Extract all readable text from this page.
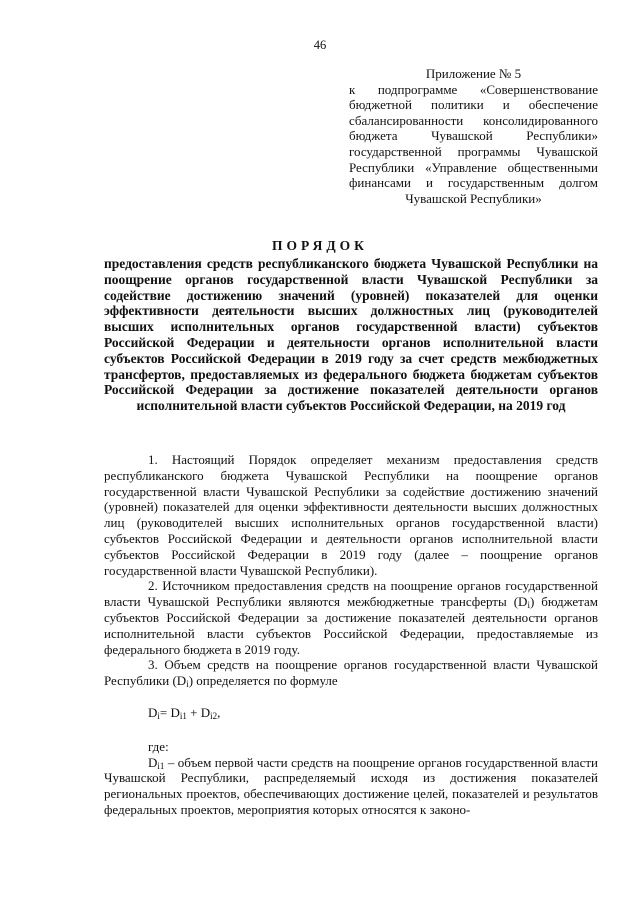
46
Приложение № 5
к подпрограмме «Совершенствование бюджетной политики и обеспечение сбалансированности консолидированного бюджета Чувашской Республики» государственной программы Чувашской Республики «Управление общественными финансами и государственным долгом Чувашской Республики»
ПОРЯДОК
предоставления средств республиканского бюджета Чувашской Республики на поощрение органов государственной власти Чувашской Республики за содействие достижению значений (уровней) показателей для оценки эффективности деятельности высших должностных лиц (руководителей высших исполнительных органов государственной власти) субъектов Российской Федерации и деятельности органов исполнительной власти субъектов Российской Федерации в 2019 году за счет средств межбюджетных трансфертов, предоставляемых из федерального бюджета бюджетам субъектов Российской Федерации за достижение показателей деятельности органов исполнительной власти субъектов Российской Федерации, на 2019 год

1. Настоящий Порядок определяет механизм предоставления средств республиканского бюджета Чувашской Республики на поощрение органов государственной власти Чувашской Республики за содействие достижению значений (уровней) показателей для оценки эффективности деятельности высших должностных лиц (руководителей высших исполнительных органов государственной власти) субъектов Российской Федерации и деятельности органов исполнительной власти субъектов Российской Федерации в 2019 году (далее – поощрение органов государственной власти Чувашской Республики).

2. Источником предоставления средств на поощрение органов государственной власти Чувашской Республики являются межбюджетные трансферты $(D_i)$ бюджетам субъектов Российской Федерации за достижение показателей деятельности органов исполнительной власти субъектов Российской Федерации, предоставляемые из федерального бюджета в 2019 году.

3. Объем средств на поощрение органов государственной власти Чувашской Республики $(D_i)$ определяется по формуле

$D_i= D_{i1} + D_{i2}$,
где:

$D_{i1}$ – объем первой части средств на поощрение органов государственной власти Чувашской Республики, распределяемый исходя из достижения показателей региональных проектов, обеспечивающих достижение целей, показателей и результатов федеральных проектов, мероприятия которых относятся к законо-
